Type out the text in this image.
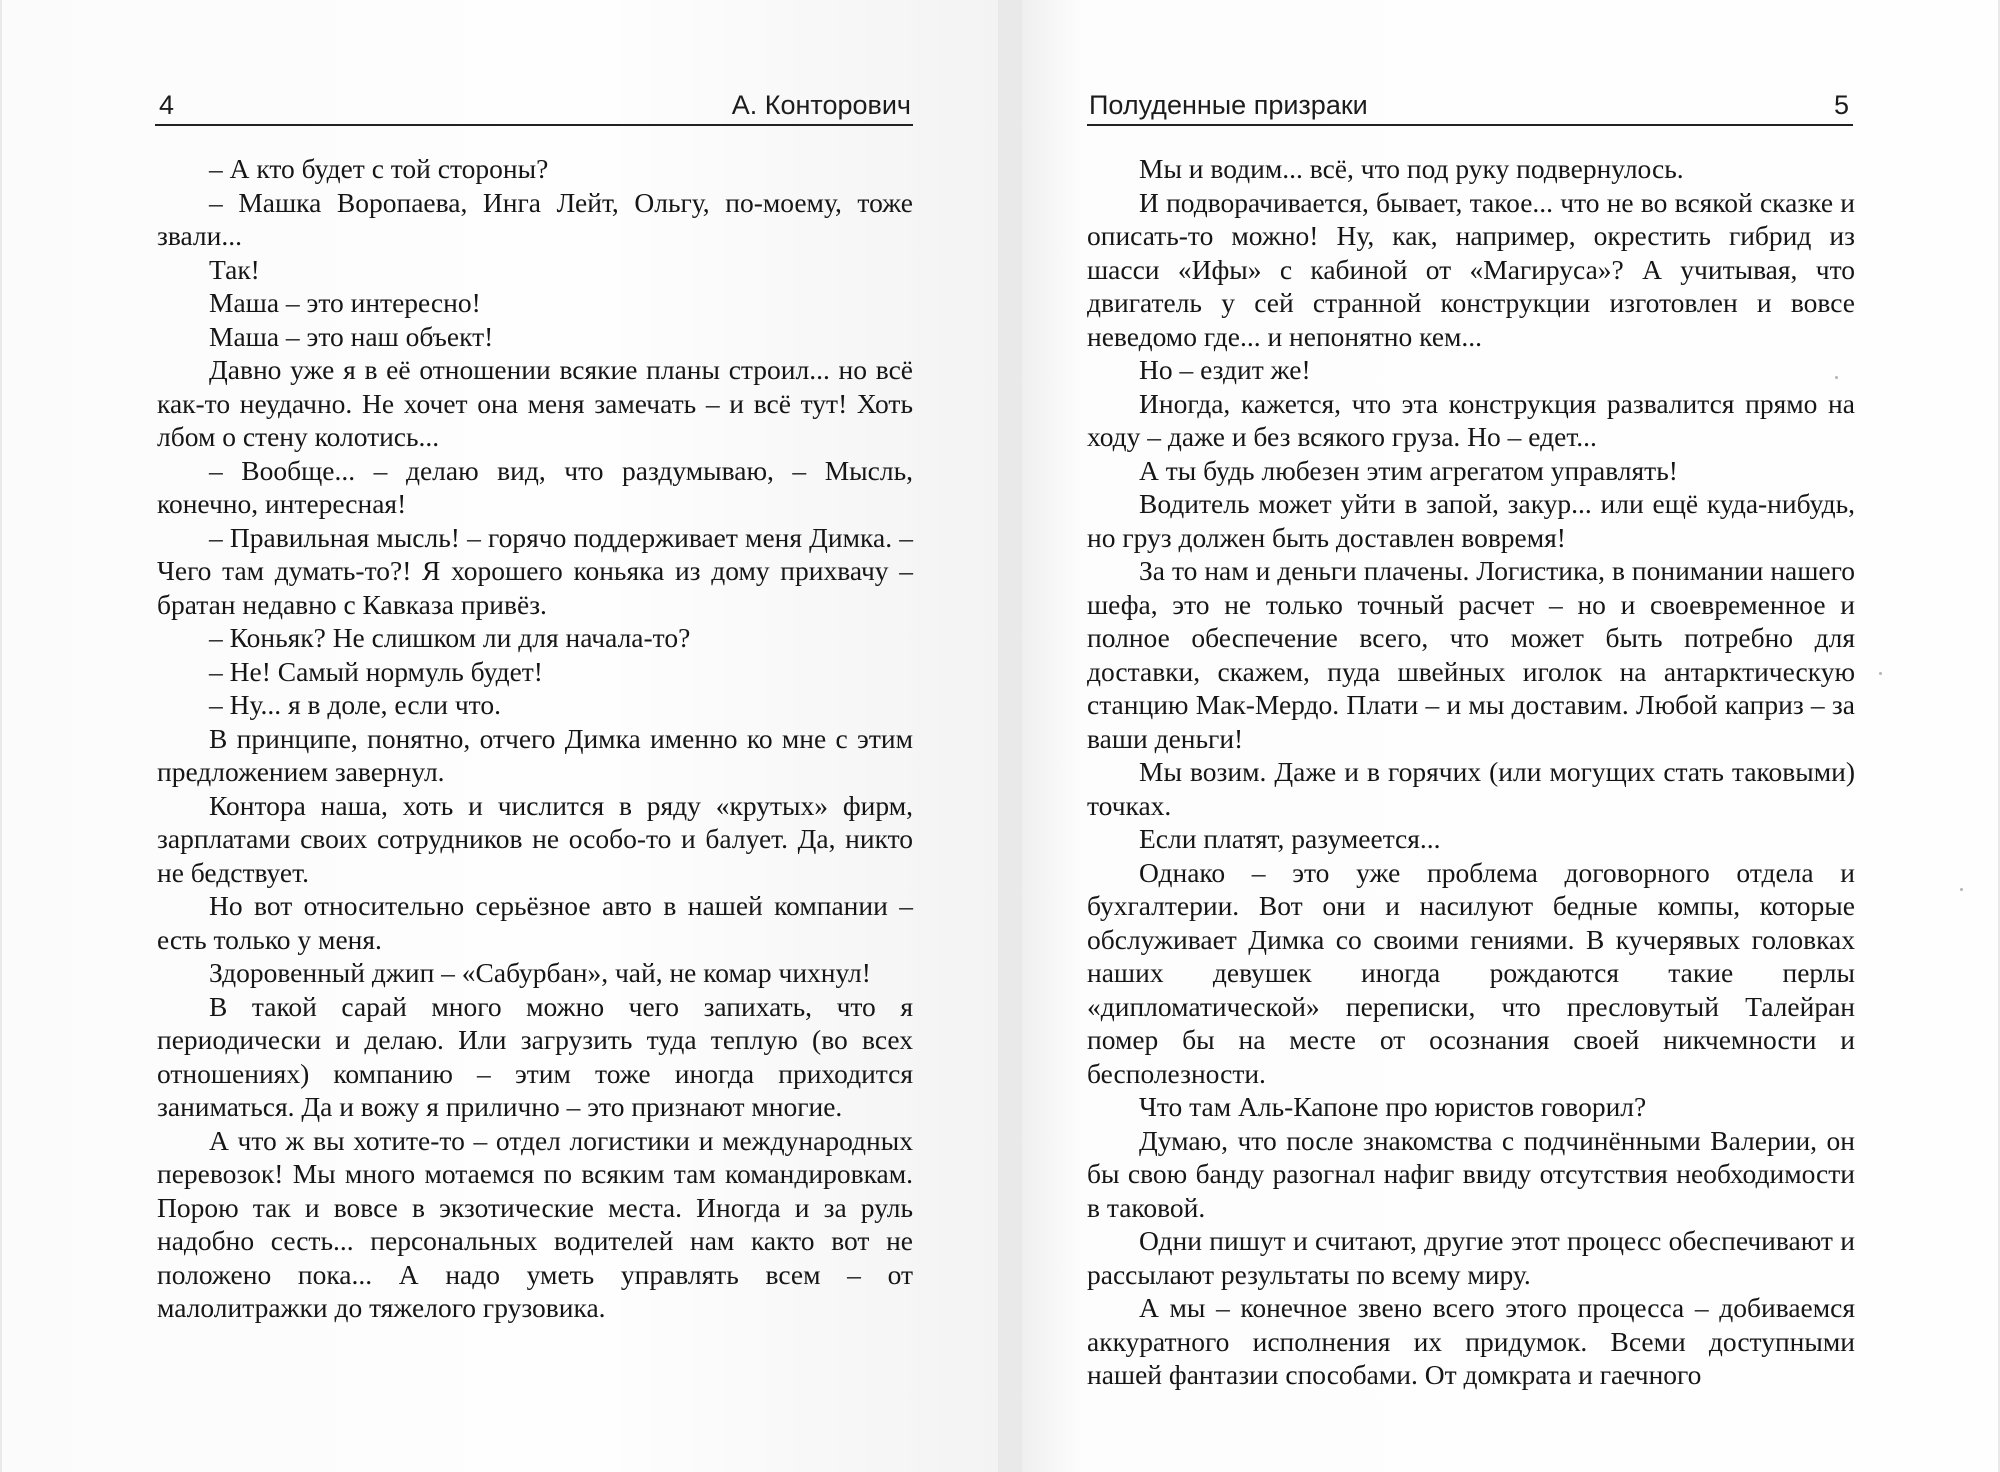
4	А. Конторович

– А кто будет с той стороны?

– Машка Воропаева, Инга Лейт, Ольгу, по-моему, тоже звали...

Так!

Маша – это интересно!

Маша – это наш объект!

Давно уже я в её отношении всякие планы строил... но всё как-то неудачно. Не хочет она меня замечать – и всё тут! Хоть лбом о стену колотись...

– Вообще... – делаю вид, что раздумываю, – Мысль, конечно, интересная!

– Правильная мысль! – горячо поддерживает меня Димка. – Чего там думать-то?! Я хорошего коньяка из дому прихвачу – братан недавно с Кавказа привёз.

– Коньяк? Не слишком ли для начала-то?

– Не! Самый нормуль будет!

– Ну... я в доле, если что.

В принципе, понятно, отчего Димка именно ко мне с этим предложением завернул.

Контора наша, хоть и числится в ряду «крутых» фирм, зарплатами своих сотрудников не особо-то и балует. Да, никто не бедствует.

Но вот относительно серьёзное авто в нашей компании – есть только у меня.

Здоровенный джип – «Сабурбан», чай, не комар чихнул!

В такой сарай много можно чего запихать, что я периодически и делаю. Или загрузить туда теплую (во всех отношениях) компанию – этим тоже иногда приходится заниматься. Да и вожу я прилично – это признают многие.

А что ж вы хотите-то – отдел логистики и международных перевозок! Мы много мотаемся по всяким там командировкам. Порою так и вовсе в экзотические места. Иногда и за руль надобно сесть... персональных водителей нам както вот не положено пока... А надо уметь управлять всем – от малолитражки до тяжелого грузовика.

Полуденные призраки	5

Мы и водим... всё, что под руку подвернулось.

И подворачивается, бывает, такое... что не во всякой сказке и описать-то можно! Ну, как, например, окрестить гибрид из шасси «Ифы» с кабиной от «Магируса»? А учитывая, что двигатель у сей странной конструкции изготовлен и вовсе неведомо где... и непонятно кем...

Но – ездит же!

Иногда, кажется, что эта конструкция развалится прямо на ходу – даже и без всякого груза. Но – едет...

А ты будь любезен этим агрегатом управлять!

Водитель может уйти в запой, закур... или ещё куда-нибудь, но груз должен быть доставлен вовремя!

За то нам и деньги плачены. Логистика, в понимании нашего шефа, это не только точный расчет – но и своевременное и полное обеспечение всего, что может быть потребно для доставки, скажем, пуда швейных иголок на антарктическую станцию Мак-Мердо. Плати – и мы доставим. Любой каприз – за ваши деньги!

Мы возим. Даже и в горячих (или могущих стать таковыми) точках.

Если платят, разумеется...

Однако – это уже проблема договорного отдела и бухгалтерии. Вот они и насилуют бедные компы, которые обслуживает Димка со своими гениями. В кучерявых головках наших девушек иногда рождаются такие перлы «дипломатической» переписки, что пресловутый Талейран помер бы на месте от осознания своей никчемности и бесполезности.

Что там Аль-Капоне про юристов говорил?

Думаю, что после знакомства с подчинёнными Валерии, он бы свою банду разогнал нафиг ввиду отсутствия необходимости в таковой.

Одни пишут и считают, другие этот процесс обеспечивают и рассылают результаты по всему миру.

А мы – конечное звено всего этого процесса – добиваемся аккуратного исполнения их придумок. Всеми доступными нашей фантазии способами. От домкрата и гаечного
